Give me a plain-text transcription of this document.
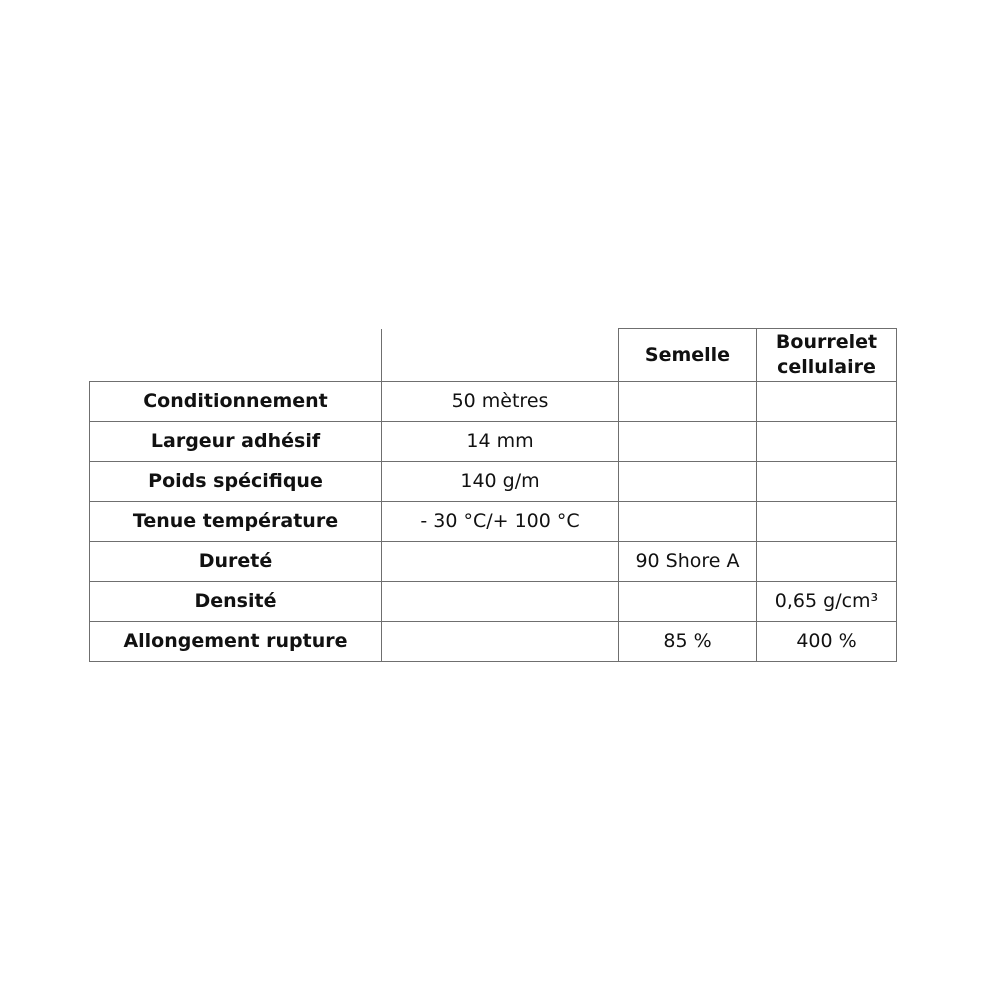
		Semelle	Bourrelet
cellulaire
Conditionnement	50 mètres		
Largeur adhésif	14 mm		
Poids spécifique	140 g/m		
Tenue température	- 30 °C/+ 100 °C		
Dureté		90 Shore A	
Densité			0,65 g/cm³
Allongement rupture		85 %	400 %
